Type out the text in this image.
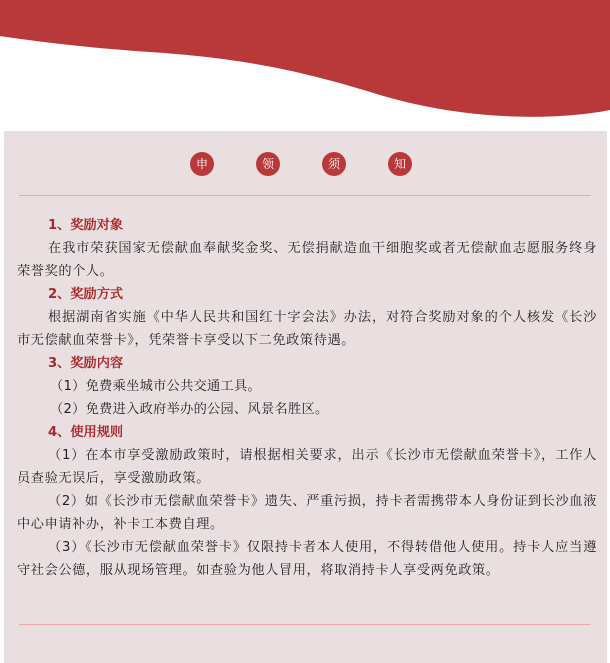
申	领	须	知
1、奖励对象
在我市荣获国家无偿献血奉献奖金奖、无偿捐献造血干细胞奖或者无偿献血志愿服务终身荣誉奖的个人。
2、奖励方式
根据湖南省实施《中华人民共和国红十字会法》办法，对符合奖励对象的个人核发《长沙市无偿献血荣誉卡》，凭荣誉卡享受以下二免政策待遇。
3、奖励内容
（1）免费乘坐城市公共交通工具。
（2）免费进入政府举办的公园、风景名胜区。
4、使用规则
（1）在本市享受激励政策时，请根据相关要求，出示《长沙市无偿献血荣誉卡》，工作人员查验无误后，享受激励政策。
（2）如《长沙市无偿献血荣誉卡》遗失、严重污损，持卡者需携带本人身份证到长沙血液中心申请补办，补卡工本费自理。
（3）《长沙市无偿献血荣誉卡》仅限持卡者本人使用，不得转借他人使用。持卡人应当遵守社会公德，服从现场管理。如查验为他人冒用，将取消持卡人享受两免政策。
